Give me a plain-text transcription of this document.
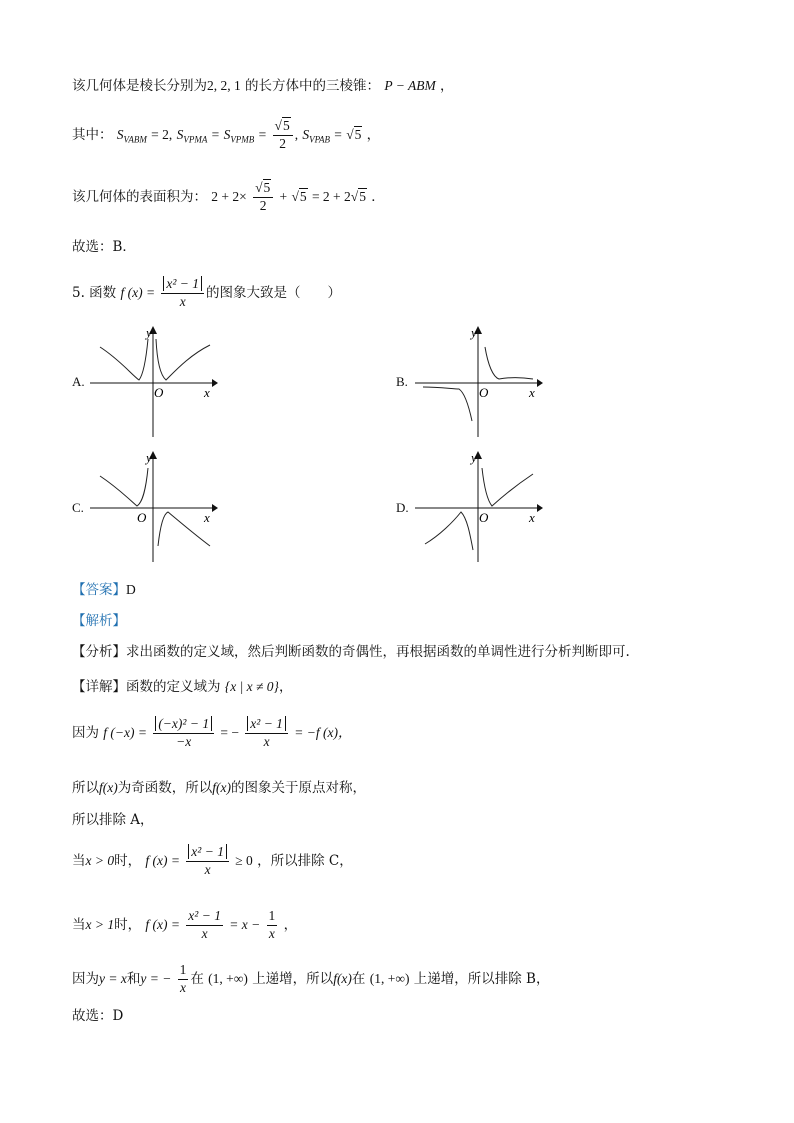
该几何体是棱长分别为2, 2, 1 的长方体中的三棱锥： P − ABM ，
其中： $S_{VABM} = 2$, $S_{VPMA} = S_{VPMB} = \frac{√5}{2}$ , $S_{VPAB} = √5$ ，
该几何体的表面积为： $2 + 2\times \frac{√5}{2} + √5 = 2 + 2√5$ ．
故选：B．
5. 函数 f $(x) = \frac{\text{x² − 1}}{x}$ 的图象大致是（　　）
A.	B.
C.	D.
y
x
O
y
x
O
y
x
O
y
x
O
【答案】D
【解析】
【分析】求出函数的定义域，然后判断函数的奇偶性，再根据函数的单调性进行分析判断即可.
【详解】函数的定义域为 {x | x ≠ 0}，
因为 f $(-x) = \frac{\text{(−x)² − 1}}{-x}$ = − $\frac{\text{x² − 1}}{x} = -f$ (x)，
所以f(x)为奇函数，所以f(x)的图象关于原点对称，
所以排除 A，
当x > 0时， f $(x) = \frac{\text{x² − 1}}{x} \ge 0$ ，所以排除 C，
当x > 1时， f $(x) = \frac{\text{x² − 1}}{x} = x - \frac{1}{x}$ ，
因为y = x和y = − $\frac{1}{x}$ 在 (1, +∞) 上递增，所以f(x)在 (1, +∞) 上递增，所以排除 B，
故选：D
